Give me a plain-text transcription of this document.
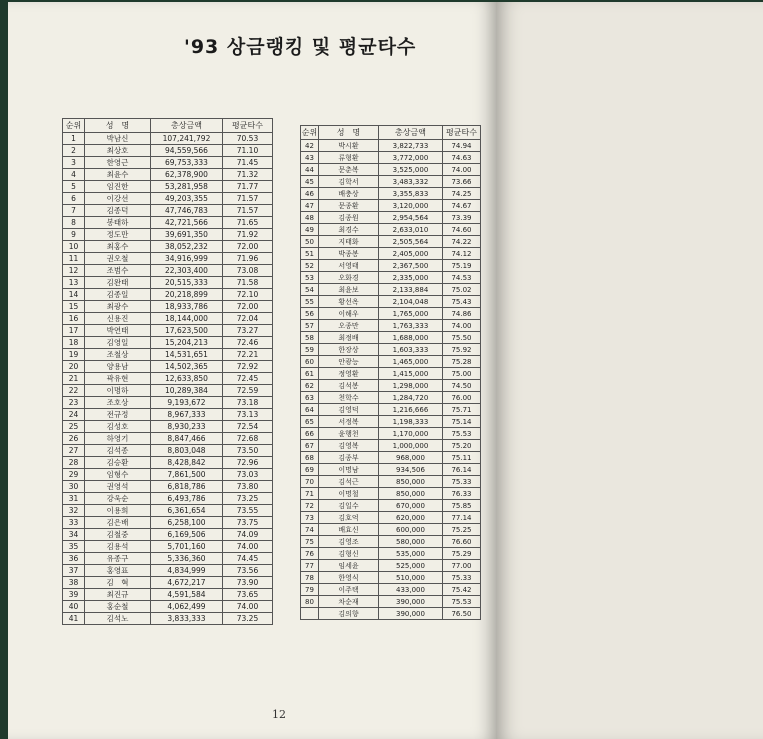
'93 상금랭킹 및 평균타수
12
순위	성　명	총상금액	평균타수
1	박남신	107,241,792	70.53
2	최상호	94,559,566	71.10
3	한영근	69,753,333	71.45
4	최윤수	62,378,900	71.32
5	임진한	53,281,958	71.77
6	이강선	49,203,355	71.57
7	김종덕	47,746,783	71.57
8	봉태하	42,721,566	71.65
9	정도만	39,691,350	71.92
10	최홍수	38,052,232	72.00
11	권오철	34,916,999	71.96
12	조범수	22,303,400	73.08
13	김완태	20,515,333	71.58
14	김종일	20,218,899	72.10
15	최광수	18,933,786	72.00
16	신용진	18,144,000	72.04
17	박연태	17,623,500	73.27
18	김영일	15,204,213	72.46
19	조철상	14,531,651	72.21
20	양용남	14,502,365	72.92
21	곽유현	12,633,850	72.45
22	이명하	10,289,384	72.59
23	조호상	9,193,672	73.18
24	전규정	8,967,333	73.13
25	김성호	8,930,233	72.54
26	하영기	8,847,466	72.68
27	김석종	8,803,048	73.50
28	김승환	8,428,842	72.96
29	임형수	7,861,500	73.03
30	권영석	6,818,786	73.80
31	강욱순	6,493,786	73.25
32	이용희	6,361,654	73.55
33	김은배	6,258,100	73.75
34	김철중	6,169,506	74.09
35	김용석	5,701,160	74.00
36	유종구	5,336,360	74.45
37	홍영표	4,834,999	73.56
38	김　혁	4,672,217	73.90
39	최진규	4,591,584	73.65
40	홍순철	4,062,499	74.00
41	김석노	3,833,333	73.25
순위	성　명	총상금액	평균타수
42	박시환	3,822,733	74.94
43	류형환	3,772,000	74.63
44	문춘복	3,525,000	74.00
45	김학서	3,483,332	73.66
46	배충상	3,355,833	74.25
47	문종환	3,120,000	74.67
48	김종원	2,954,564	73.39
49	최경수	2,633,010	74.60
50	지태화	2,505,564	74.22
51	박종봉	2,405,000	74.12
52	서영태	2,367,500	75.19
53	오화경	2,335,000	74.53
54	최윤보	2,133,884	75.02
55	황선옥	2,104,048	75.43
56	이해우	1,765,000	74.86
57	오종만	1,763,333	74.00
58	최정배	1,688,000	75.50
59	한장상	1,603,333	75.92
60	안광능	1,465,000	75.28
61	정영환	1,415,000	75.00
62	김석봉	1,298,000	74.50
63	천학수	1,284,720	76.00
64	김영덕	1,216,666	75.71
65	서정복	1,198,333	75.14
66	윤행천	1,170,000	75.53
67	김영복	1,000,000	75.20
68	김종부	968,000	75.11
69	이명남	934,506	76.14
70	김석근	850,000	75.33
71	이명철	850,000	76.33
72	김일수	670,000	75.85
73	김호억	620,000	77.14
74	배효신	600,000	75.25
75	김영조	580,000	76.60
76	김형신	535,000	75.29
77	임세윤	525,000	77.00
78	한영식	510,000	75.33
79	이주택	433,000	75.42
80	차순재	390,000	75.53
	김의향	390,000	76.50
